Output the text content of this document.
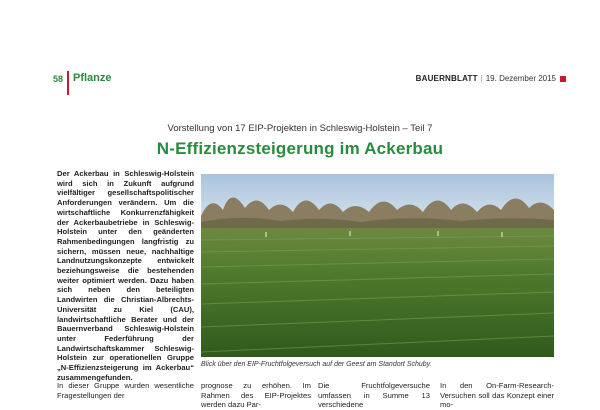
58 Pflanze	BAUERNBLATT | 19. Dezember 2015
Vorstellung von 17 EIP-Projekten in Schleswig-Holstein – Teil 7
N-Effizienzsteigerung im Ackerbau
Der Ackerbau in Schleswig-Holstein wird sich in Zukunft aufgrund vielfältiger gesellschaftspolitischer Anforderungen verändern. Um die wirtschaftliche Konkurrenzfähigkeit der Ackerbaubetriebe in Schleswig-Holstein unter den geänderten Rahmenbedingungen langfristig zu sichern, müssen neue, nachhaltige Landnutzungskonzepte entwickelt beziehungsweise die bestehenden weiter optimiert werden. Dazu haben sich neben den beteiligten Landwirten die Christian-Albrechts-Universität zu Kiel (CAU), landwirtschaftliche Berater und der Bauernverband Schleswig-Holstein unter Federführung der Landwirtschaftskammer Schleswig-Holstein zur operationellen Gruppe „N-Effizienzsteigerung im Ackerbau“ zusammengefunden.
Blick über den EIP-Fruchtfolgeversuch auf der Geest am Standort Schuby.
In dieser Gruppe wurden wesentliche Fragestellungen der
prognose zu erhöhen. Im Rahmen des EIP-Projektes werden dazu Par-
Die Fruchtfolgeversuche umfassen in Summe 13 verschiedene
In den On-Farm-Research-Versuchen soll das Konzept einer mo-
